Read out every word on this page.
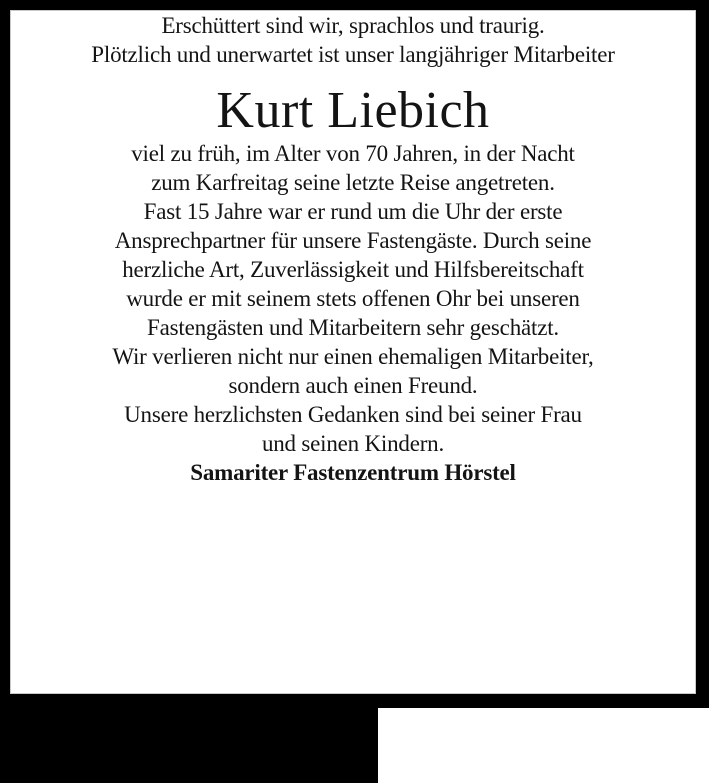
Erschüttert sind wir, sprachlos und traurig.

Plötzlich und unerwartet ist unser langjähriger Mitarbeiter

Kurt Liebich

viel zu früh, im Alter von 70 Jahren, in der Nacht
zum Karfreitag seine letzte Reise angetreten.

Fast 15 Jahre war er rund um die Uhr der erste
Ansprechpartner für unsere Fastengäste. Durch seine
herzliche Art, Zuverlässigkeit und Hilfsbereitschaft
wurde er mit seinem stets offenen Ohr bei unseren
Fastengästen und Mitarbeitern sehr geschätzt.

Wir verlieren nicht nur einen ehemaligen Mitarbeiter,
sondern auch einen Freund.

Unsere herzlichsten Gedanken sind bei seiner Frau
und seinen Kindern.

Samariter Fastenzentrum Hörstel
